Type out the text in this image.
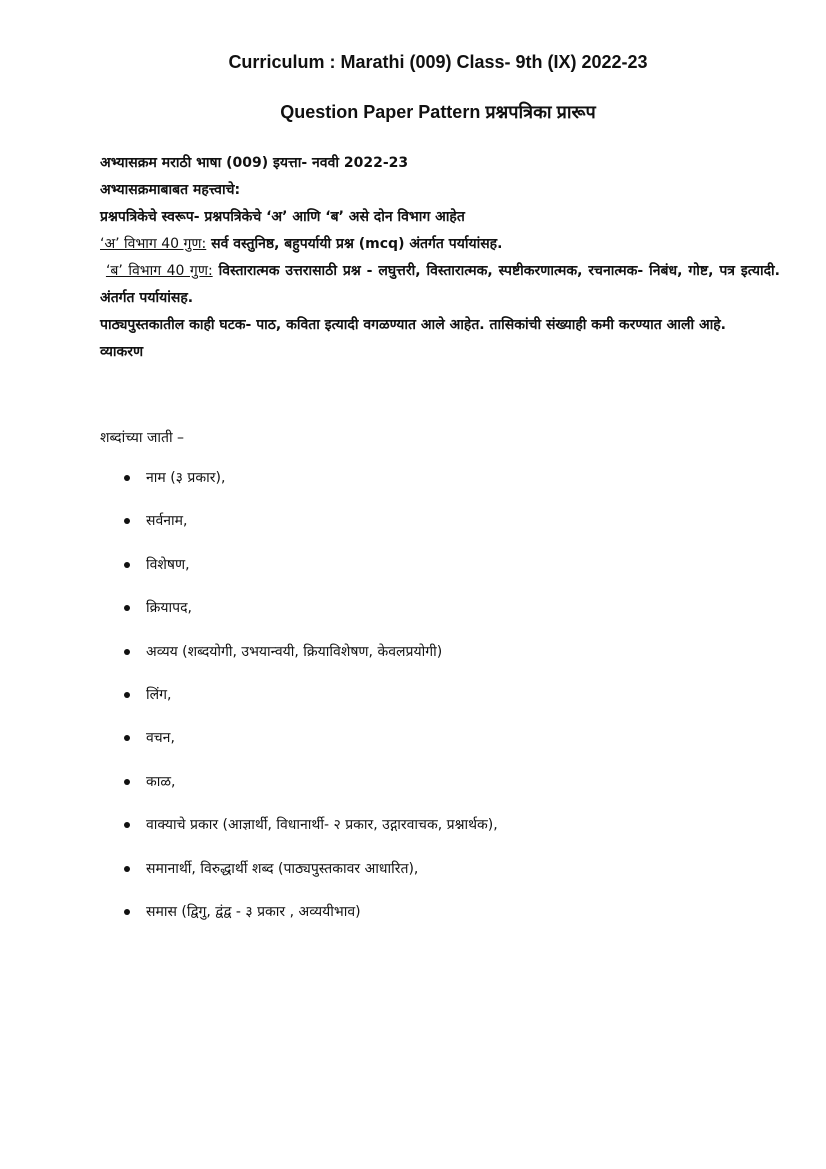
Curriculum : Marathi (009) Class- 9th (IX) 2022-23
Question Paper Pattern प्रश्नपत्रिका प्रारूप

अभ्यासक्रम मराठी भाषा (009) इयत्ता- नववी 2022-23

अभ्यासक्रमाबाबत महत्त्वाचे:

प्रश्नपत्रिकेचे स्वरूप- प्रश्नपत्रिकेचे ‘अ’ आणि ‘ब’ असे दोन विभाग आहेत

‘अ’ विभाग 40 गुण: सर्व वस्तुनिष्ठ, बहुपर्यायी प्रश्न (mcq) अंतर्गत पर्यायांसह.

‘ब’ विभाग 40 गुण: विस्तारात्मक उत्तरासाठी प्रश्न - लघुत्तरी, विस्तारात्मक, स्पष्टीकरणात्मक, रचनात्मक- निबंध, गोष्ट, पत्र इत्यादी. अंतर्गत पर्यायांसह.

पाठ्यपुस्तकातील काही घटक- पाठ, कविता इत्यादी वगळण्यात आले आहेत. तासिकांची संख्याही कमी करण्यात आली आहे.

व्याकरण

शब्दांच्या जाती –
नाम (३ प्रकार),
सर्वनाम,
विशेषण,
क्रियापद,
अव्यय (शब्दयोगी, उभयान्वयी, क्रियाविशेषण, केवलप्रयोगी)
लिंग,
वचन,
काळ,
वाक्याचे प्रकार (आज्ञार्थी, विधानार्थी- २ प्रकार, उद्गारवाचक, प्रश्नार्थक),
समानार्थी, विरुद्धार्थी शब्द (पाठ्यपुस्तकावर आधारित),
समास (द्विगु, द्वंद्व - ३ प्रकार , अव्ययीभाव)
